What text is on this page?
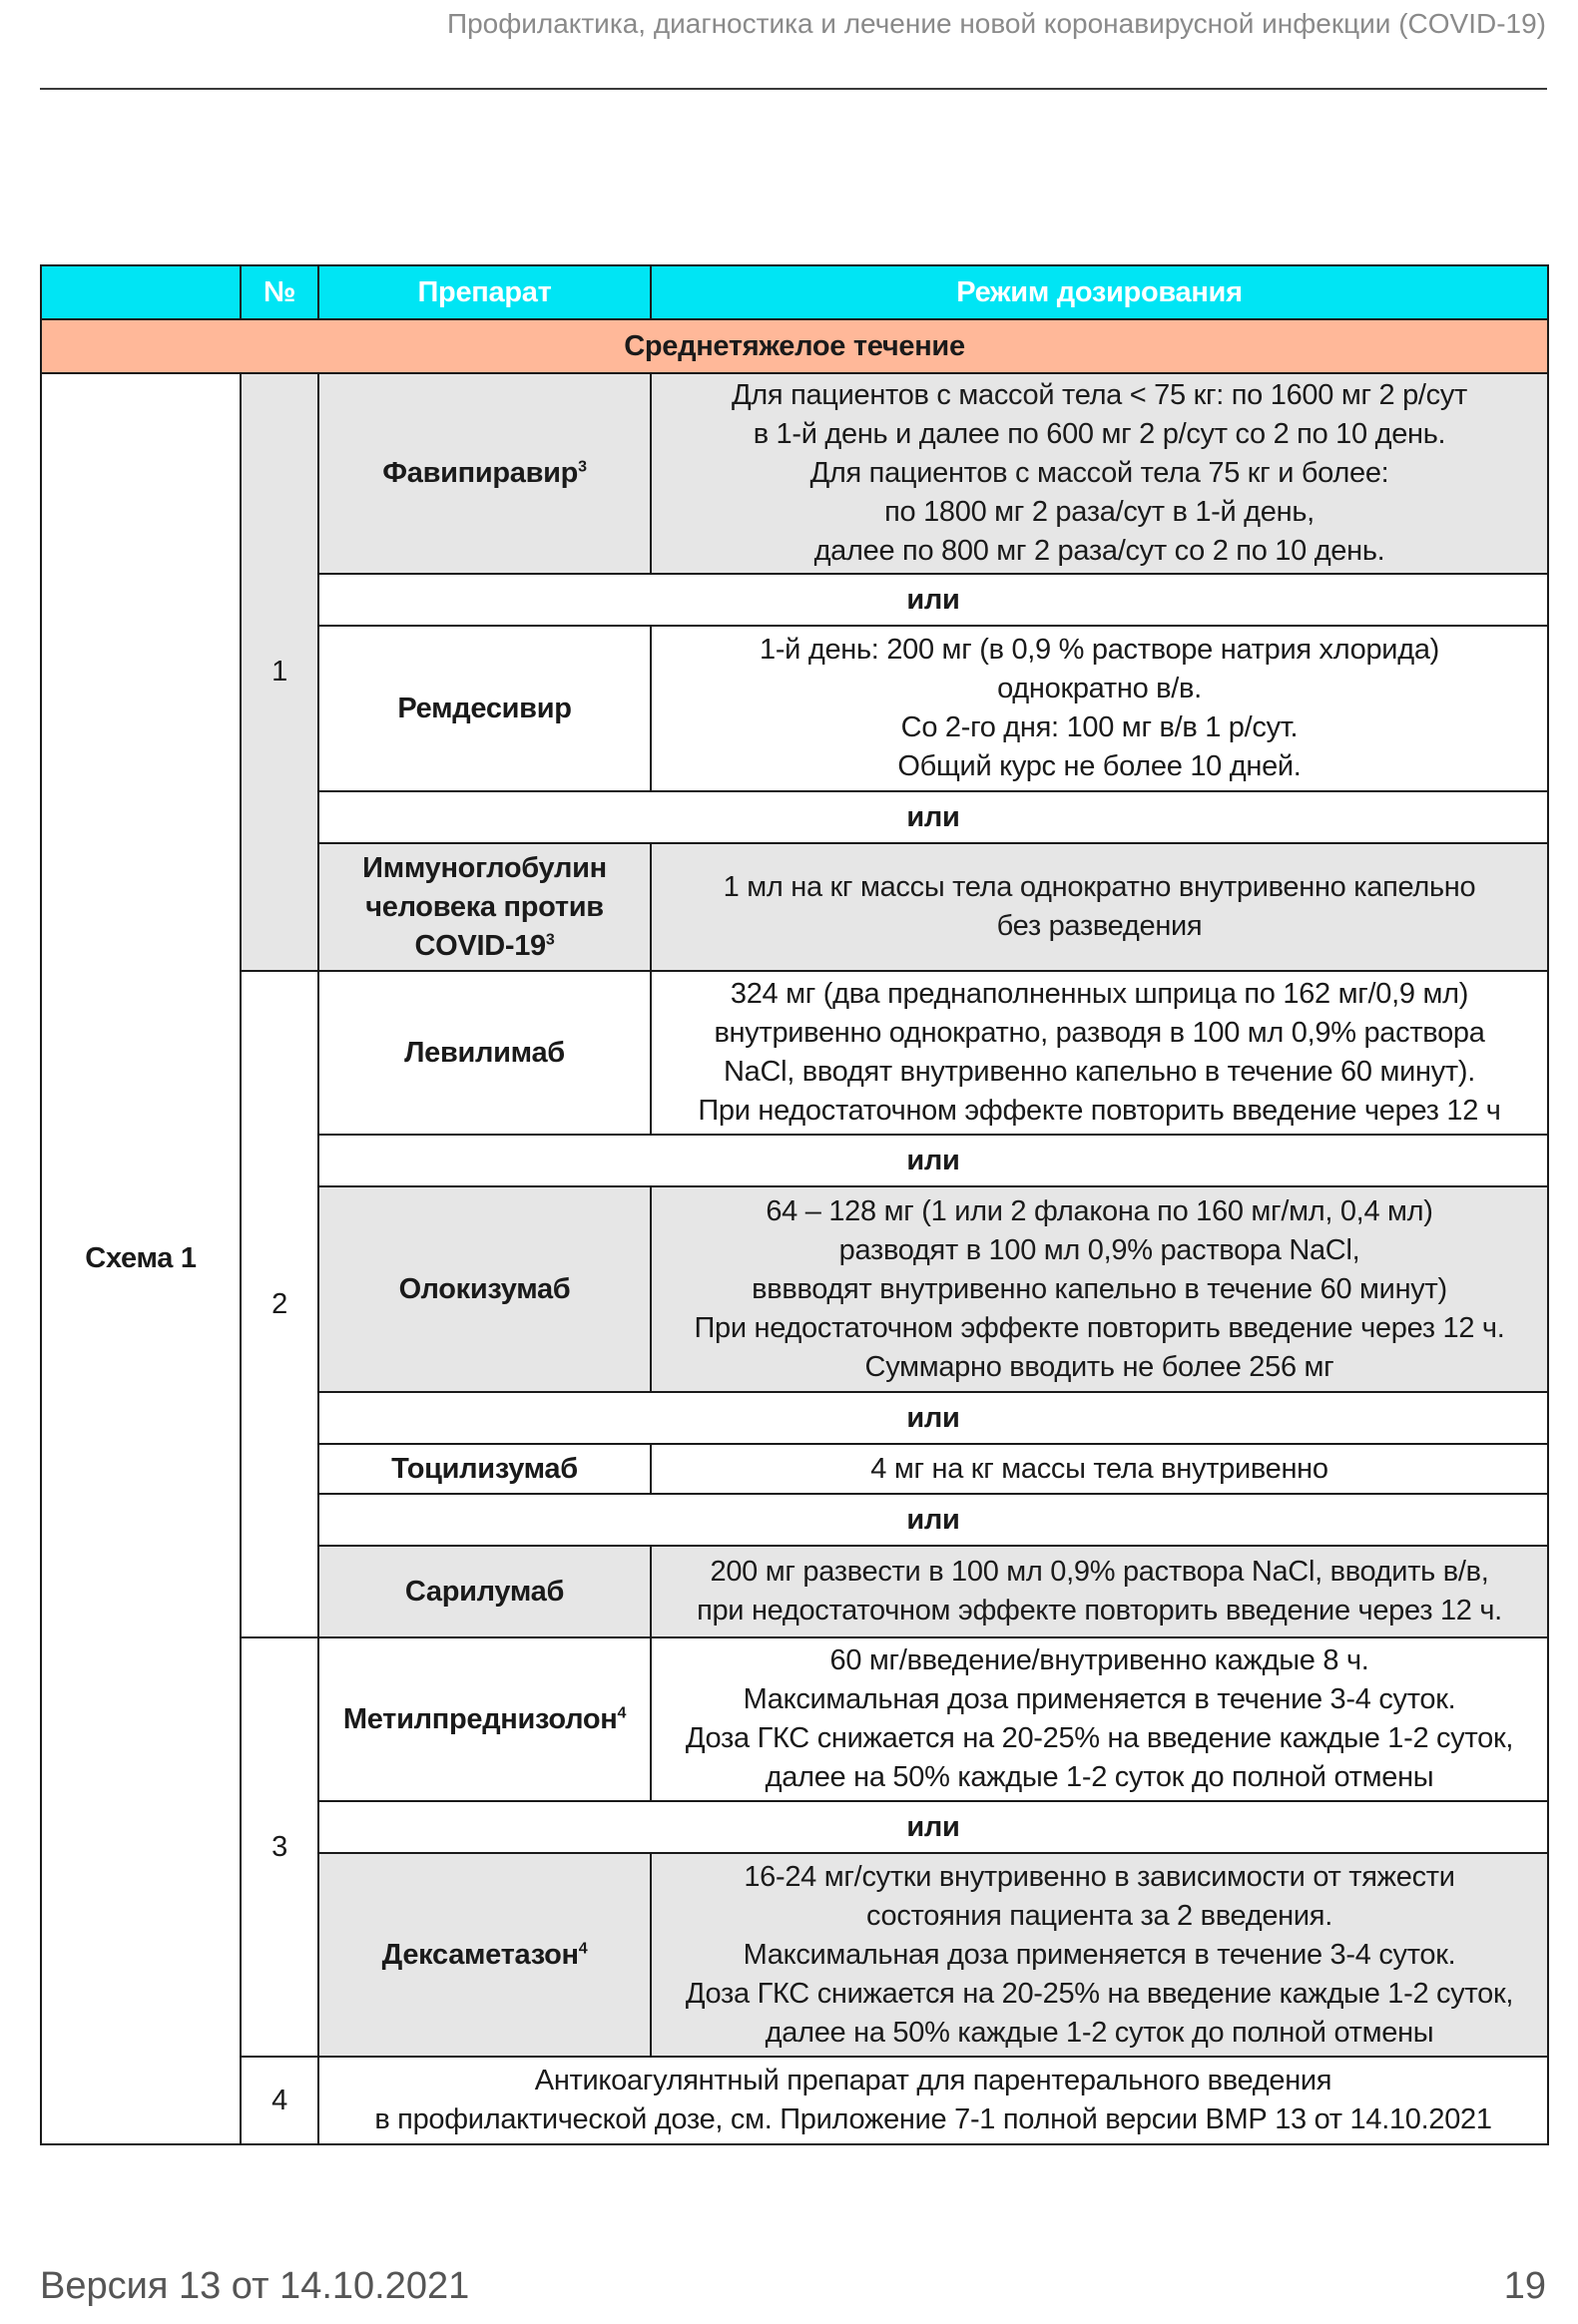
Профилактика, диагностика и лечение новой коронавирусной инфекции (COVID-19)
	№	Препарат	Режим дозирования
Среднетяжелое течение			
Схема 1	1	Фавипиравир$^3$	Для пациентов с массой тела < 75 кг: по 1600 мг 2 р/сут
в 1-й день и далее по 600 мг 2 р/сут со 2 по 10 день.
Для пациентов с массой тела 75 кг и более:
по 1800 мг 2 раза/сут в 1-й день,
далее по 800 мг 2 раза/сут со 2 по 10 день.

		или	
		Ремдесивир	1-й день: 200 мг (в 0,9 % растворе натрия хлорида)
однократно в/в.
Со 2-го дня: 100 мг в/в 1 р/сут.
Общий курс не более 10 дней.

		или	

		Иммуноглобулин
человека против
COVID-$19^3$	1 мл на кг массы тела однократно внутривенно капельно
без разведения

	2	Левилимаб	324 мг (два преднаполненных шприца по 162 мг/0,9 мл)
внутривенно однократно, разводя в 100 мл 0,9% раствора
NaCl, вводят внутривенно капельно в течение 60 минут).
При недостаточном эффекте повторить введение через 12 ч

		или	
		Олокизумаб	64 – 128 мг (1 или 2 флакона по 160 мг/мл, 0,4 мл)
разводят в 100 мл 0,9% раствора NaCl,
вввводят внутривенно капельно в течение 60 минут)
При недостаточном эффекте повторить введение через 12 ч.
Суммарно вводить не более 256 мг

		или	
		Тоцилизумаб	4 мг на кг массы тела внутривенно

		или	
		Сарилумаб	200 мг развести в 100 мл 0,9% раствора NaCl, вводить в/в,
при недостаточном эффекте повторить введение через 12 ч.

	3	Метилпреднизолон$^4$	60 мг/введение/внутривенно каждые 8 ч.
Максимальная доза применяется в течение 3-4 суток.
Доза ГКС снижается на 20-25% на введение каждые 1-2 суток,
далее на 50% каждые 1-2 суток до полной отмены

		или	
		Дексаметазон$^4$	16-24 мг/сутки внутривенно в зависимости от тяжести
состояния пациента за 2 введения.
Максимальная доза применяется в течение 3-4 суток.
Доза ГКС снижается на 20-25% на введение каждые 1-2 суток,
далее на 50% каждые 1-2 суток до полной отмены

	4	Антикоагулянтный препарат для парентерального введения
в профилактической дозе, см. Приложение 7-1 полной версии ВМР 13 от 14.10.2021	
Версия 13 от 14.10.2021	19
